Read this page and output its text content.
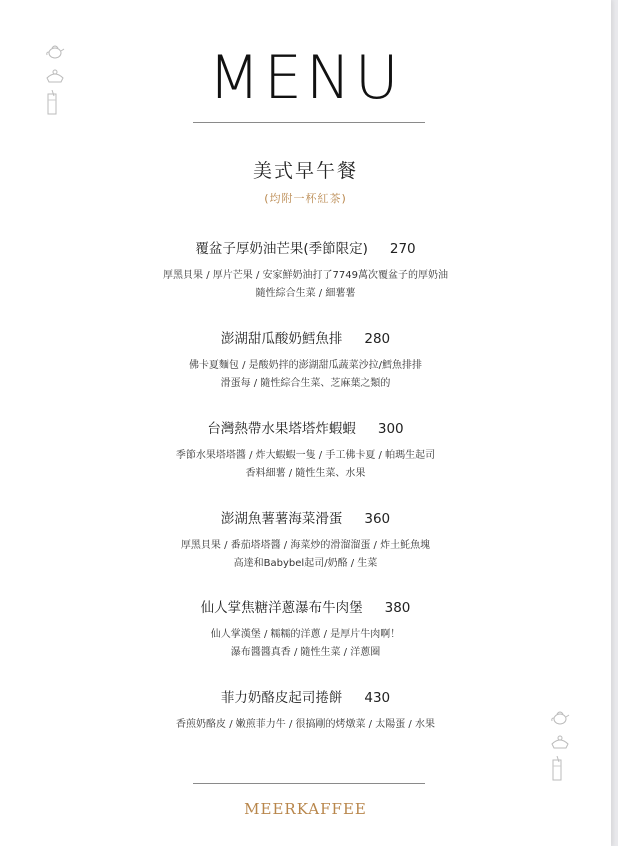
MENU
美式早午餐
(均附一杯紅茶)
覆盆子厚奶油芒果(季節限定) 270
厚黑貝果 / 厚片芒果 / 安家鮮奶油打了7749萬次覆盆子的厚奶油
隨性綜合生菜 / 細薯薯
澎湖甜瓜酸奶鱈魚排 280
佛卡夏麵包 / 是酸奶拌的澎湖甜瓜蔬菜沙拉/鱈魚排排
滑蛋每 / 隨性綜合生菜、芝麻葉之類的
台灣熱帶水果塔塔炸蝦蝦 300
季節水果塔塔醬 / 炸大蝦蝦一隻 / 手工佛卡夏 / 帕瑪生起司
香料細薯 / 隨性生菜、水果
澎湖魚薯薯海菜滑蛋 360
厚黑貝果 / 番茄塔塔醬 / 海菜炒的滑溜溜蛋 / 炸土魠魚塊
高達和Babybel起司/奶酪 / 生菜
仙人掌焦糖洋蔥瀑布牛肉堡 380
仙人掌漢堡 / 糯糯的洋蔥 / 是厚片牛肉啊！
瀑布醬醬真香 / 隨性生菜 / 洋蔥圈
菲力奶酪皮起司捲餅 430
香煎奶酪皮 / 嫩煎菲力牛 / 很搞剛的烤燉菜 / 太陽蛋 / 水果
MEERKAFFEE
